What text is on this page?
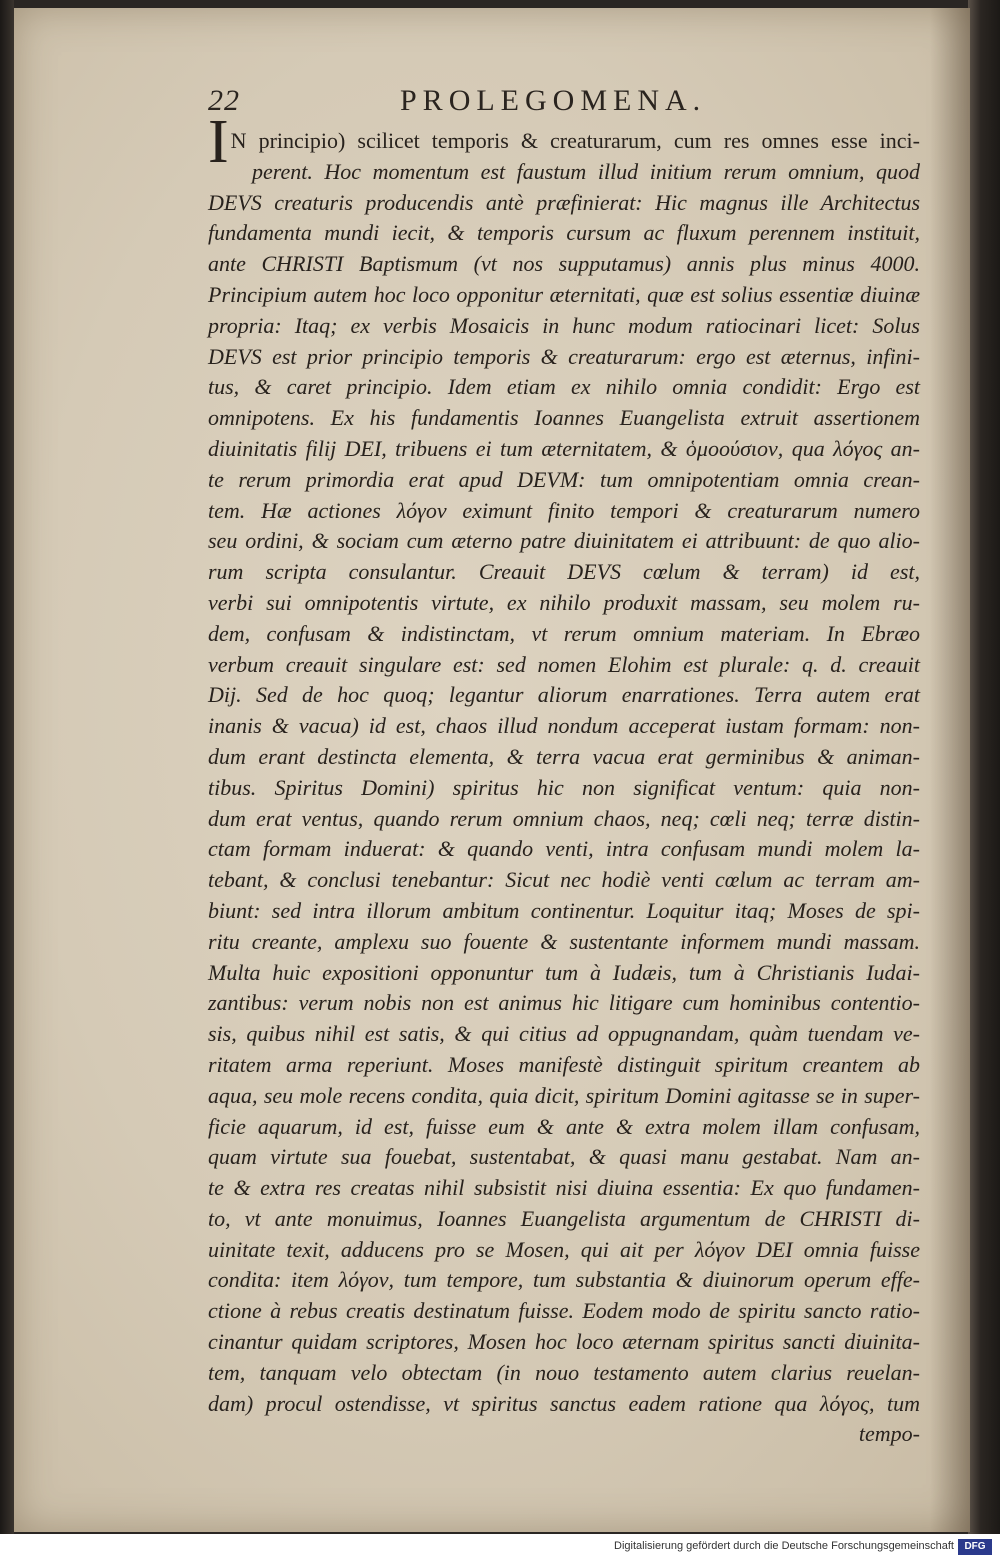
22	PROLEGOMENA.
IN principio) scilicet temporis & creaturarum, cum res omnes esse inci-
perent. Hoc momentum est faustum illud initium rerum omnium, quod
DEVS creaturis producendis antè præfinierat: Hic magnus ille Architectus
fundamenta mundi iecit, & temporis cursum ac fluxum perennem instituit,
ante CHRISTI Baptismum (vt nos supputamus) annis plus minus 4000.
Principium autem hoc loco opponitur æternitati, quæ est solius essentiæ diuinæ
propria: Itaq; ex verbis Mosaicis in hunc modum ratiocinari licet: Solus
DEVS est prior principio temporis & creaturarum: ergo est æternus, infini-
tus, & caret principio. Idem etiam ex nihilo omnia condidit: Ergo est
omnipotens. Ex his fundamentis Ioannes Euangelista extruit assertionem
diuinitatis filij DEI, tribuens ei tum æternitatem, & ὁμοούσιον, qua λόγος an-
te rerum primordia erat apud DEVM: tum omnipotentiam omnia crean-
tem. Hæ actiones λόγον eximunt finito tempori & creaturarum numero
seu ordini, & sociam cum æterno patre diuinitatem ei attribuunt: de quo alio-
rum scripta consulantur. Creauit DEVS cœlum & terram) id est,
verbi sui omnipotentis virtute, ex nihilo produxit massam, seu molem ru-
dem, confusam & indistinctam, vt rerum omnium materiam. In Ebræo
verbum creauit singulare est: sed nomen Elohim est plurale: q. d. creauit
Dij. Sed de hoc quoq; legantur aliorum enarrationes. Terra autem erat
inanis & vacua) id est, chaos illud nondum acceperat iustam formam: non-
dum erant destincta elementa, & terra vacua erat germinibus & animan-
tibus. Spiritus Domini) spiritus hic non significat ventum: quia non-
dum erat ventus, quando rerum omnium chaos, neq; cœli neq; terræ distin-
ctam formam induerat: & quando venti, intra confusam mundi molem la-
tebant, & conclusi tenebantur: Sicut nec hodiè venti cœlum ac terram am-
biunt: sed intra illorum ambitum continentur. Loquitur itaq; Moses de spi-
ritu creante, amplexu suo fouente & sustentante informem mundi massam.
Multa huic expositioni opponuntur tum à Iudæis, tum à Christianis Iudai-
zantibus: verum nobis non est animus hic litigare cum hominibus contentio-
sis, quibus nihil est satis, & qui citius ad oppugnandam, quàm tuendam ve-
ritatem arma reperiunt. Moses manifestè distinguit spiritum creantem ab
aqua, seu mole recens condita, quia dicit, spiritum Domini agitasse se in super-
ficie aquarum, id est, fuisse eum & ante & extra molem illam confusam,
quam virtute sua fouebat, sustentabat, & quasi manu gestabat. Nam an-
te & extra res creatas nihil subsistit nisi diuina essentia: Ex quo fundamen-
to, vt ante monuimus, Ioannes Euangelista argumentum de CHRISTI di-
uinitate texit, adducens pro se Mosen, qui ait per λόγον DEI omnia fuisse
condita: item λόγον, tum tempore, tum substantia & diuinorum operum effe-
ctione à rebus creatis destinatum fuisse. Eodem modo de spiritu sancto ratio-
cinantur quidam scriptores, Mosen hoc loco æternam spiritus sancti diuinita-
tem, tanquam velo obtectam (in nouo testamento autem clarius reuelan-
dam) procul ostendisse, vt spiritus sanctus eadem ratione qua λόγος, tum
tempo-
Digitalisierung gefördert durch die Deutsche Forschungsgemeinschaft	DFG
